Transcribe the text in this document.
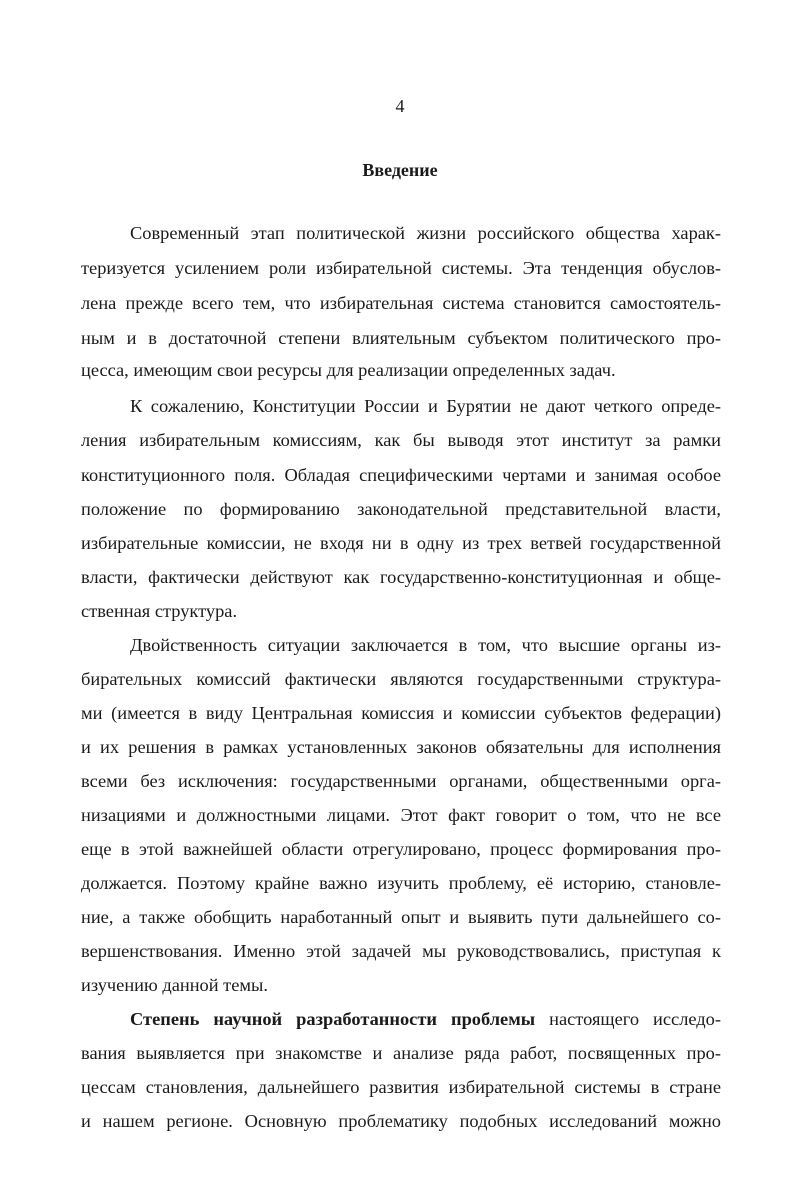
4
Введение
Современный этап политической жизни российского общества харак-
теризуется усилением роли избирательной системы. Эта тенденция обуслов-
лена прежде всего тем, что избирательная система становится самостоятель-
ным и в достаточной степени влиятельным субъектом политического про-
цесса, имеющим свои ресурсы для реализации определенных задач.
К сожалению, Конституции России и Бурятии не дают четкого опреде-
ления избирательным комиссиям, как бы выводя этот институт за рамки
конституционного поля. Обладая специфическими чертами и занимая особое
положение по формированию законодательной представительной власти,
избирательные комиссии, не входя ни в одну из трех ветвей государственной
власти, фактически действуют как государственно-конституционная и обще-
ственная структура.
Двойственность ситуации заключается в том, что высшие органы из-
бирательных комиссий фактически являются государственными структура-
ми (имеется в виду Центральная комиссия и комиссии субъектов федерации)
и их решения в рамках установленных законов обязательны для исполнения
всеми без исключения: государственными органами, общественными орга-
низациями и должностными лицами. Этот факт говорит о том, что не все
еще в этой важнейшей области отрегулировано, процесс формирования про-
должается. Поэтому крайне важно изучить проблему, её историю, становле-
ние, а также обобщить наработанный опыт и выявить пути дальнейшего со-
вершенствования. Именно этой задачей мы руководствовались, приступая к
изучению данной темы.
Степень научной разработанности проблемы настоящего исследо-
вания выявляется при знакомстве и анализе ряда работ, посвященных про-
цессам становления, дальнейшего развития избирательной системы в стране
и нашем регионе. Основную проблематику подобных исследований можно
